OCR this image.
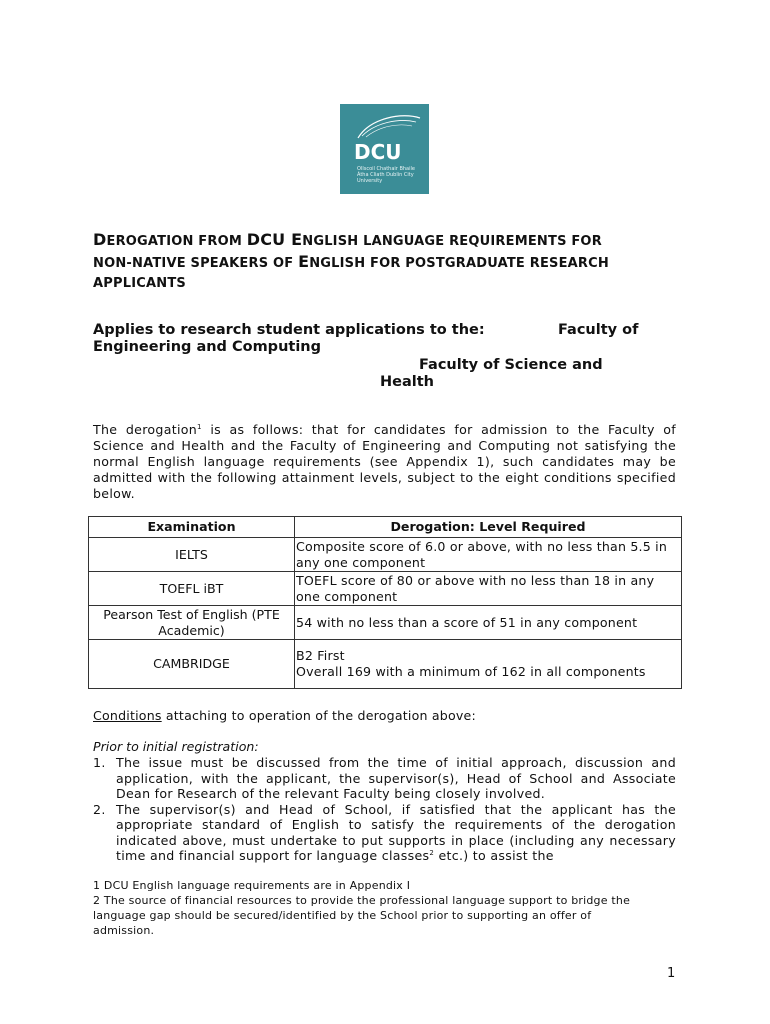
DCU
Ollscoil Chathair Bhaile Átha Cliath Dublin City University
DEROGATION FROM DCU ENGLISH LANGUAGE REQUIREMENTS FOR
NON-NATIVE SPEAKERS OF ENGLISH FOR POSTGRADUATE RESEARCH
APPLICANTS
Applies to research student applications to the:	Faculty of
Engineering and Computing
Faculty of Science and
Health
The derogation$^1$ is as follows: that for candidates for admission to the Faculty of Science and Health and the Faculty of Engineering and Computing not satisfying the normal English language requirements (see Appendix 1), such candidates may be admitted with the following attainment levels, subject to the eight conditions specified below.
Examination	Derogation: Level Required
IELTS	Composite score of 6.0 or above, with no less than 5.5 in any one component
TOEFL iBT	TOEFL score of 80 or above with no less than 18 in any one component
Pearson Test of English (PTE Academic)	54 with no less than a score of 51 in any component
CAMBRIDGE	B2 First
Overall 169 with a minimum of 162 in all components
Conditions attaching to operation of the derogation above:
Prior to initial registration:
1. The issue must be discussed from the time of initial approach, discussion and application, with the applicant, the supervisor(s), Head of School and Associate Dean for Research of the relevant Faculty being closely involved.
2. The supervisor(s) and Head of School, if satisfied that the applicant has the appropriate standard of English to satisfy the requirements of the derogation indicated above, must undertake to put supports in place (including any necessary time and financial support for language classes$^2$ etc.) to assist the
1 DCU English language requirements are in Appendix I
2 The source of financial resources to provide the professional language support to bridge the language gap should be secured/identified by the School prior to supporting an offer of admission.
1
